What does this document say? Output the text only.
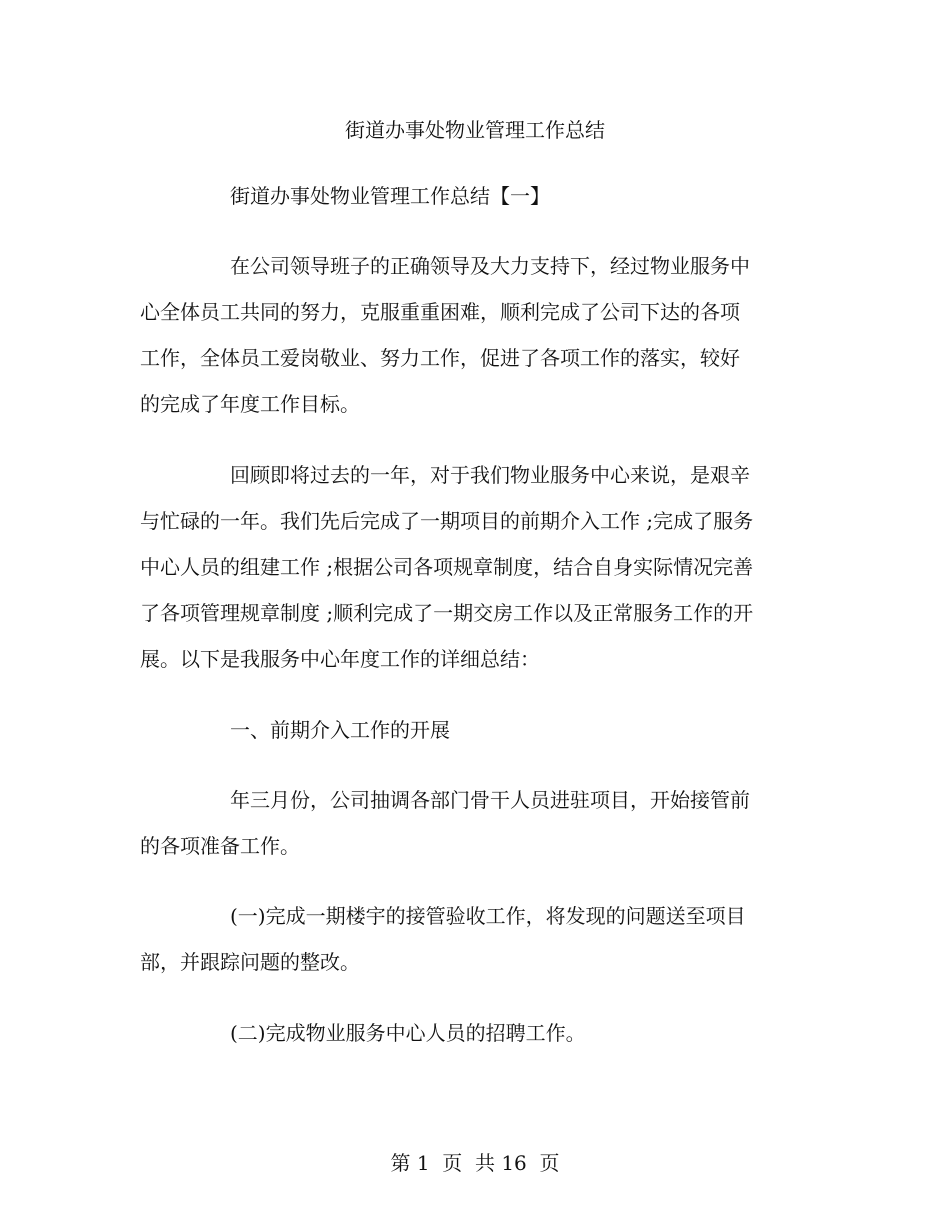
街道办事处物业管理工作总结
街道办事处物业管理工作总结【一】
在公司领导班子的正确领导及大力支持下，经过物业服务中
心全体员工共同的努力，克服重重困难，顺利完成了公司下达的各项
工作，全体员工爱岗敬业、努力工作，促进了各项工作的落实，较好
的完成了年度工作目标。
回顾即将过去的一年，对于我们物业服务中心来说，是艰辛
与忙碌的一年。我们先后完成了一期项目的前期介入工作 ;完成了服务
中心人员的组建工作 ;根据公司各项规章制度，结合自身实际情况完善
了各项管理规章制度 ;顺利完成了一期交房工作以及正常服务工作的开
展。以下是我服务中心年度工作的详细总结：
一、前期介入工作的开展
年三月份，公司抽调各部门骨干人员进驻项目，开始接管前
的各项准备工作。
(一)完成一期楼宇的接管验收工作，将发现的问题送至项目
部，并跟踪问题的整改。
(二)完成物业服务中心人员的招聘工作。
第 1  页  共 16  页
